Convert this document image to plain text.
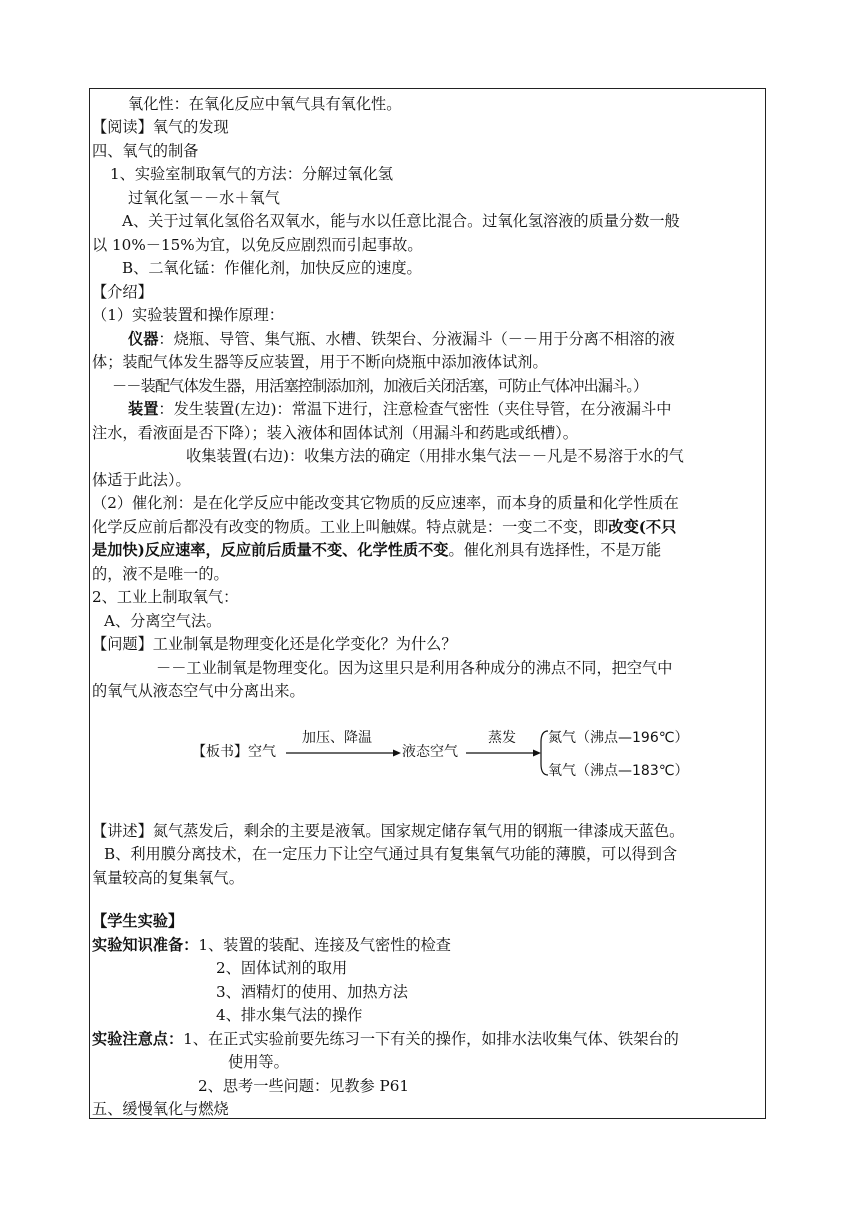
氧化性：在氧化反应中氧气具有氧化性。
【阅读】氧气的发现
四、氧气的制备
1、实验室制取氧气的方法：分解过氧化氢
过氧化氢－－水＋氧气
A、关于过氧化氢俗名双氧水，能与水以任意比混合。过氧化氢溶液的质量分数一般
以 10%－15%为宜，以免反应剧烈而引起事故。
B、二氧化锰：作催化剂，加快反应的速度。
【介绍】
（1）实验装置和操作原理：
仪器：烧瓶、导管、集气瓶、水槽、铁架台、分液漏斗（－－用于分离不相溶的液
体；装配气体发生器等反应装置，用于不断向烧瓶中添加液体试剂。
－－装配气体发生器，用活塞控制添加剂，加液后关闭活塞，可防止气体冲出漏斗。）
装置：发生装置(左边)：常温下进行，注意检查气密性（夹住导管，在分液漏斗中
注水，看液面是否下降）；装入液体和固体试剂（用漏斗和药匙或纸槽）。
收集装置(右边)：收集方法的确定（用排水集气法－－凡是不易溶于水的气
体适于此法）。
（2）催化剂：是在化学反应中能改变其它物质的反应速率，而本身的质量和化学性质在
化学反应前后都没有改变的物质。工业上叫触媒。特点就是：一变二不变，即改变(不只
是加快)反应速率，反应前后质量不变、化学性质不变。催化剂具有选择性，不是万能
的，液不是唯一的。
2、工业上制取氧气：
A、分离空气法。
【问题】工业制氧是物理变化还是化学变化？为什么？
－－工业制氧是物理变化。因为这里只是利用各种成分的沸点不同，把空气中
的氧气从液态空气中分离出来。
【板书】空气
加压、降温
液态空气
蒸发 氮气（沸点—196℃）
氧气（沸点—183℃）
【讲述】氮气蒸发后，剩余的主要是液氧。国家规定储存氧气用的钢瓶一律漆成天蓝色。
B、利用膜分离技术，在一定压力下让空气通过具有复集氧气功能的薄膜，可以得到含
氧量较高的复集氧气。
【学生实验】
实验知识准备：1、装置的装配、连接及气密性的检查
2、固体试剂的取用
3、酒精灯的使用、加热方法
4、排水集气法的操作
实验注意点：1、在正式实验前要先练习一下有关的操作，如排水法收集气体、铁架台的
使用等。
2、思考一些问题：见教参 P61
五、缓慢氧化与燃烧
